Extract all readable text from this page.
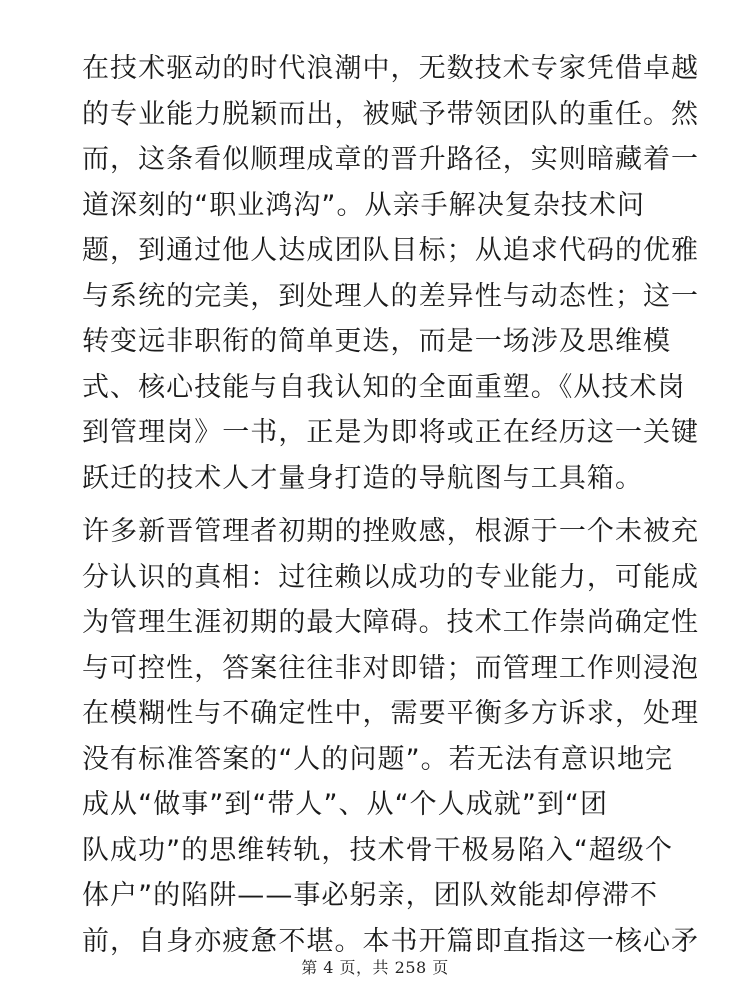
在技术驱动的时代浪潮中，无数技术专家凭借卓越
的专业能力脱颖而出，被赋予带领团队的重任。然
而，这条看似顺理成章的晋升路径，实则暗藏着一
道深刻的“职业鸿沟”。从亲手解决复杂技术问
题，到通过他人达成团队目标；从追求代码的优雅
与系统的完美，到处理人的差异性与动态性；这一
转变远非职衔的简单更迭，而是一场涉及思维模
式、核心技能与自我认知的全面重塑。《从技术岗
到管理岗》一书，正是为即将或正在经历这一关键
跃迁的技术人才量身打造的导航图与工具箱。

许多新晋管理者初期的挫败感，根源于一个未被充
分认识的真相：过往赖以成功的专业能力，可能成
为管理生涯初期的最大障碍。技术工作崇尚确定性
与可控性，答案往往非对即错；而管理工作则浸泡
在模糊性与不确定性中，需要平衡多方诉求，处理
没有标准答案的“人的问题”。若无法有意识地完
成从“做事”到“带人”、从“个人成就”到“团
队成功”的思维转轨，技术骨干极易陷入“超级个
体户”的陷阱——事必躬亲，团队效能却停滞不
前，自身亦疲惫不堪。本书开篇即直指这一核心矛

第 4 页，共 258 页
